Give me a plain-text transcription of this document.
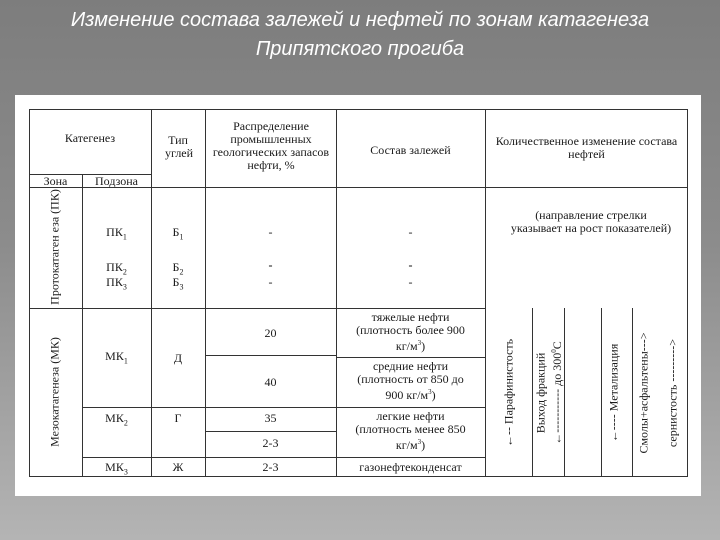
Изменение состава залежей и нефтей по зонам катагенеза
Припятского прогиба
Категенез
Зона	Подзона
Тип углей
Распределение промышленных геологических запасов нефти, %
Состав залежей
Количественное изменение состава нефтей
Протокатаген еза (ПК)
Мезокатагенеза (МК)
$ПК_1$
$ПК_2$
$ПК_3$
$МК_1$
$МК_2$
$МК_3$
$Б_1$
$Б_2$
$Б_3$
Д
Г
Ж
-
-
-
20
40
35
2-3
2-3
-
-
-
тяжелые нефти
(плотность более 900
$кг/м^3$)
средние нефти
(плотность от 850 до
900 $кг/м^3$)
легкие нефти
(плотность менее 850
$кг/м^3$)
газонефтеконденсат
(направление стрелки указывает на рост показателей)
←-- Парафинистость Выход фракций ←----------- до $300^0С$	←---- Метализация Смолы+асфальтены---> сернистость --------->
